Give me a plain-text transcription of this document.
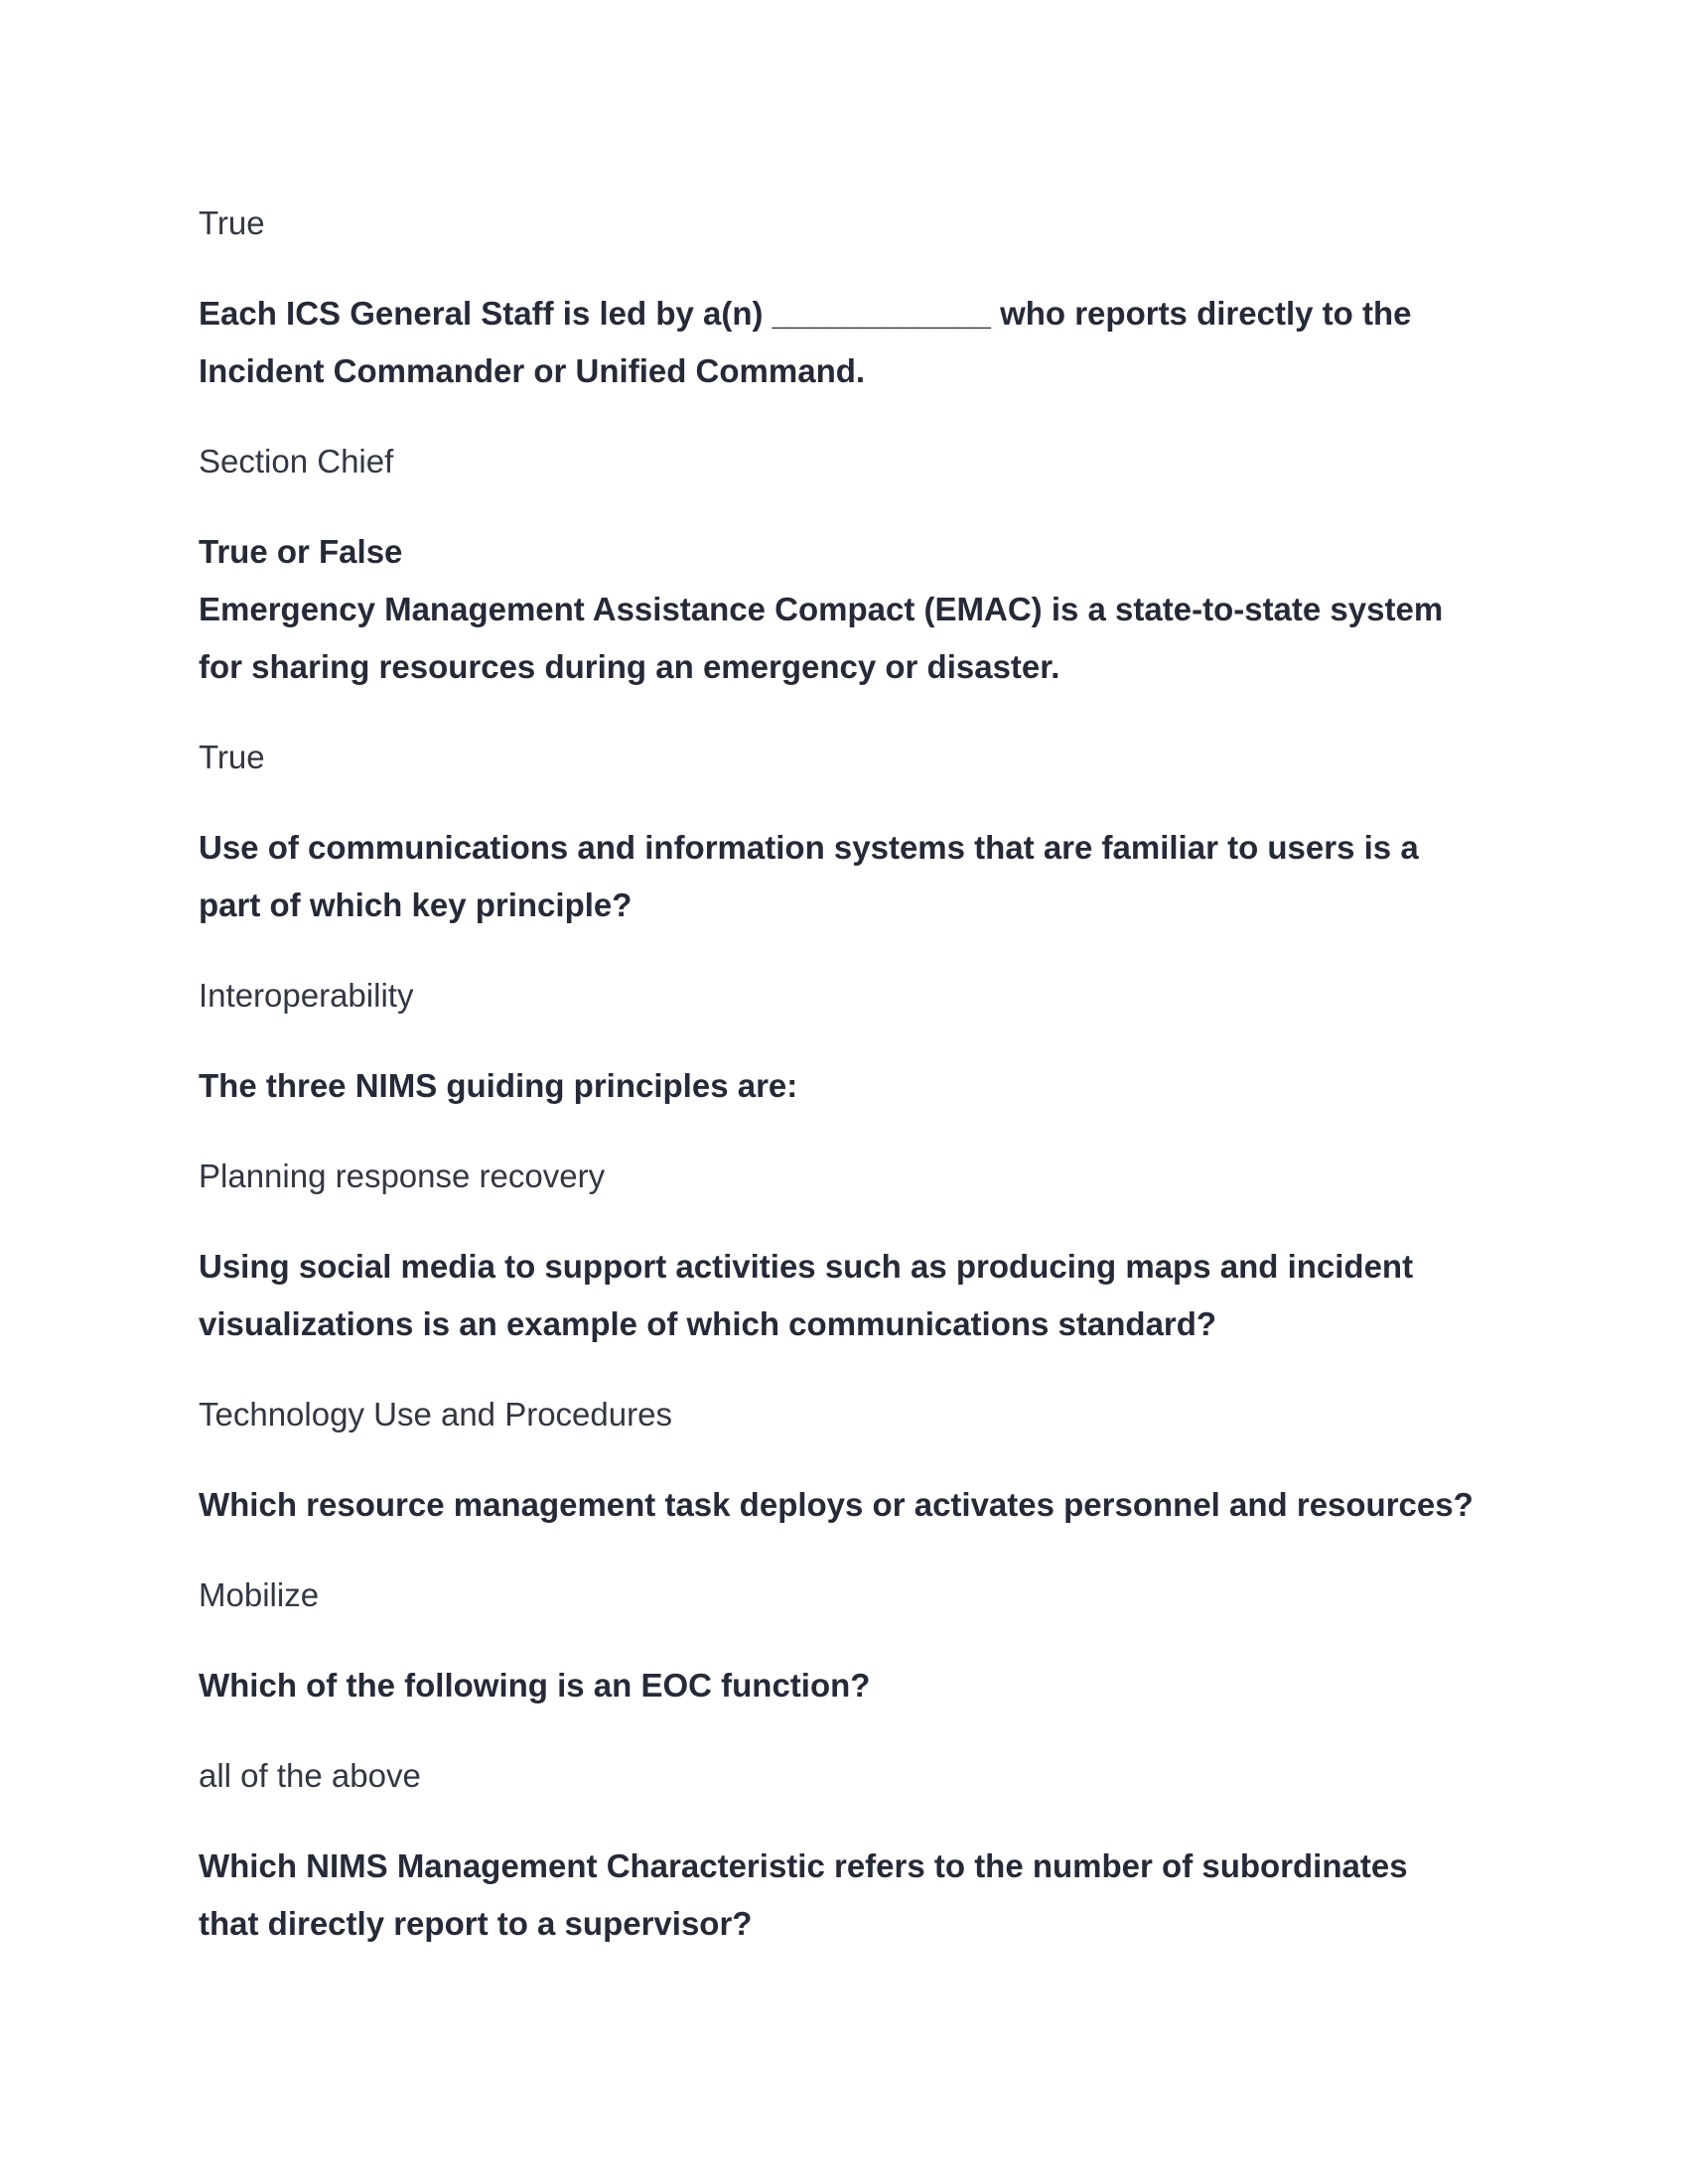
True

Each ICS General Staff is led by a(n) ____________ who reports directly to the
Incident Commander or Unified Command.

Section Chief

True or False
Emergency Management Assistance Compact (EMAC) is a state-to-state system
for sharing resources during an emergency or disaster.

True

Use of communications and information systems that are familiar to users is a
part of which key principle?

Interoperability

The three NIMS guiding principles are:

Planning response recovery

Using social media to support activities such as producing maps and incident
visualizations is an example of which communications standard?

Technology Use and Procedures

Which resource management task deploys or activates personnel and resources?

Mobilize

Which of the following is an EOC function?

all of the above

Which NIMS Management Characteristic refers to the number of subordinates
that directly report to a supervisor?
